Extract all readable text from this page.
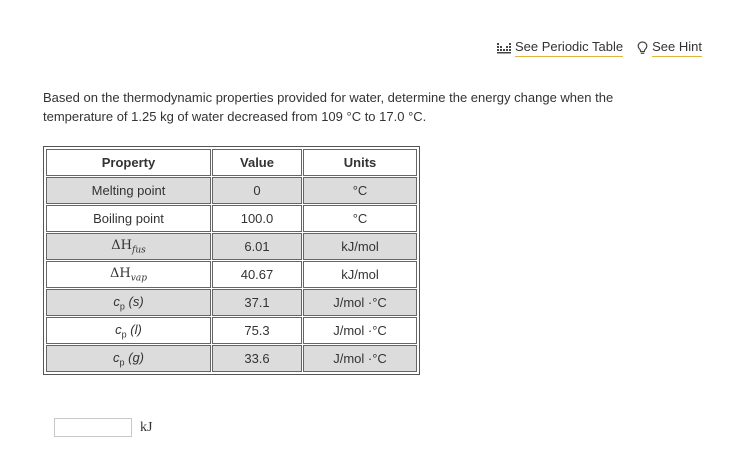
See Periodic Table See Hint
Based on the thermodynamic properties provided for water, determine the energy change when the temperature of 1.25 kg of water decreased from 109 °C to 17.0 °C.
Property	Value	Units
Melting point	0	°C
Boiling point	100.0	°C
$\Delta H_{fus}$	6.01	kJ/mol
$\Delta H_{vap}$	40.67	kJ/mol
$c_p$ (s)	37.1	J/mol ·°C
$c_p$ (l)	75.3	J/mol ·°C
$c_p$ (g)	33.6	J/mol ·°C
kJ
